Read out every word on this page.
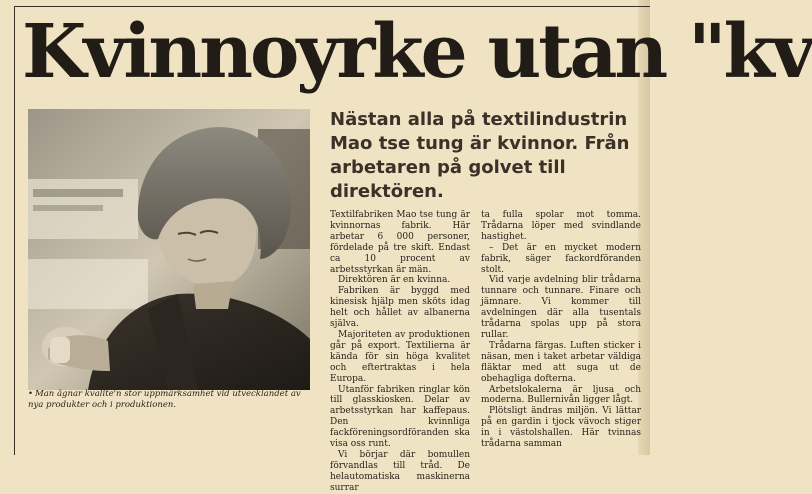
Kvinnoyrke utan "kv
• Man ägnar kvalite'n stor uppmärksamhet vid utvecklandet av nya produkter och i produktionen.
Nästan alla på textilindustrin Mao tse tung är kvinnor. Från arbetaren på golvet till direktören.

Textilfabriken Mao tse tung är kvinnornas fabrik. Här arbetar 6 000 personer, fördelade på tre skift. Endast ca 10 procent av arbetsstyrkan är män.

Direktören är en kvinna.

Fabriken är byggd med kinesisk hjälp men sköts idag helt och hållet av albanerna själva.

Majoriteten av produktionen går på export. Textilierna är kända för sin höga kvalitet och eftertraktas i hela Europa.

Utanför fabriken ringlar kön till glasskiosken. Delar av arbetsstyrkan har kaffepaus. Den kvinnliga fackföreningsordföranden ska visa oss runt.

Vi börjar där bomullen förvandlas till tråd. De helautomatiska maskinerna surrar

ta fulla spolar mot tomma. Trådarna löper med svindlande hastighet.

– Det är en mycket modern fabrik, säger fackordföranden stolt.

Vid varje avdelning blir trådarna tunnare och tunnare. Finare och jämnare. Vi kommer till avdelningen där alla tusentals trådarna spolas upp på stora rullar.

Trådarna färgas. Luften sticker i näsan, men i taket arbetar väldiga fläktar med att suga ut de obehagliga dofterna.

Arbetslokalerna är ljusa och moderna. Bullernivån ligger lågt.

Plötsligt ändras miljön. Vi lättar på en gardin i tjock vävoch stiger in i västolshallen. Här tvinnas trådarna samman
